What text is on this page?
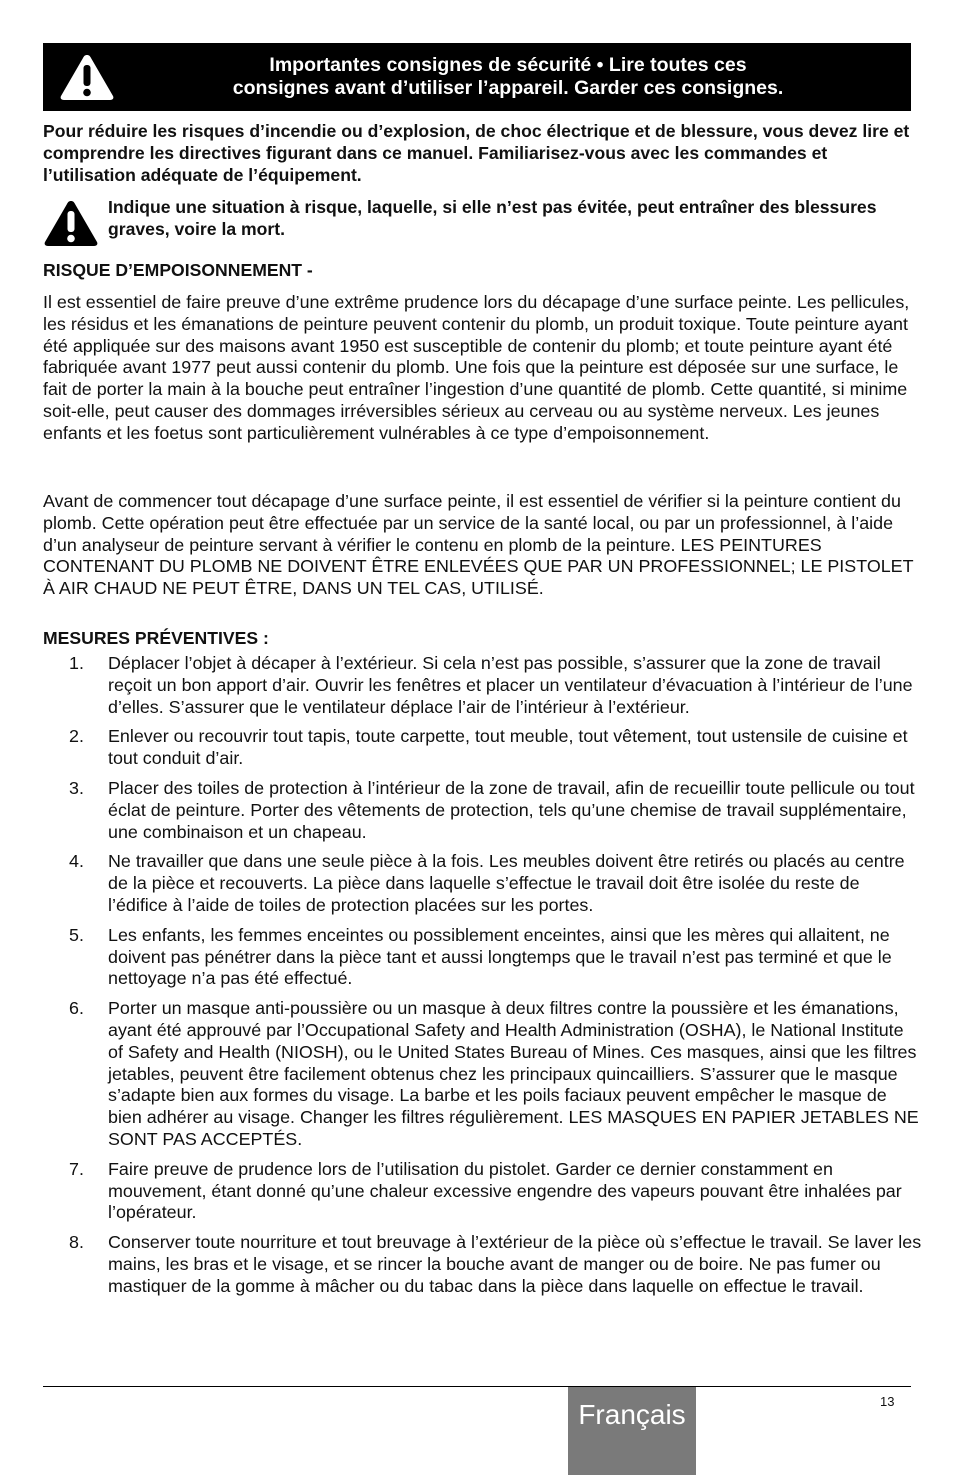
Importantes consignes de sécurité • Lire toutes ces
consignes avant d’utiliser l’appareil. Garder ces consignes.

Pour réduire les risques d’incendie ou d’explosion, de choc électrique et de blessure, vous devez lire et comprendre les directives figurant dans ce manuel. Familiarisez-vous avec les commandes et l’utilisation adéquate de l’équipement.

Indique une situation à risque, laquelle, si elle n’est pas évitée, peut entraîner des blessures graves, voire la mort.

RISQUE D’EMPOISONNEMENT -

Il est essentiel de faire preuve d’une extrême prudence lors du décapage d’une surface peinte. Les pellicules, les résidus et les émanations de peinture peuvent contenir du plomb, un produit toxique. Toute peinture ayant été appliquée sur des maisons avant 1950 est susceptible de contenir du plomb; et toute peinture ayant été fabriquée avant 1977 peut aussi contenir du plomb. Une fois que la peinture est déposée sur une surface, le fait de porter la main à la bouche peut entraîner l’ingestion d’une quantité de plomb. Cette quantité, si minime soit-elle, peut causer des dommages irréversibles sérieux au cerveau ou au système nerveux. Les jeunes enfants et les foetus sont particulièrement vulnérables à ce type d’empoisonnement.

Avant de commencer tout décapage d’une surface peinte, il est essentiel de vérifier si la peinture contient du plomb. Cette opération peut être effectuée par un service de la santé local, ou par un professionnel, à l’aide d’un analyseur de peinture servant à vérifier le contenu en plomb de la peinture. LES PEINTURES CONTENANT DU PLOMB NE DOIVENT ÊTRE ENLEVÉES QUE PAR UN PROFESSIONNEL; LE PISTOLET À AIR CHAUD NE PEUT ÊTRE, DANS UN TEL CAS, UTILISÉ.

MESURES PRÉVENTIVES :

1. Déplacer l’objet à décaper à l’extérieur. Si cela n’est pas possible, s’assurer que la zone de travail reçoit un bon apport d’air. Ouvrir les fenêtres et placer un ventilateur d’évacuation à l’intérieur de l’une d’elles. S’assurer que le ventilateur déplace l’air de l’intérieur à l’extérieur.
2. Enlever ou recouvrir tout tapis, toute carpette, tout meuble, tout vêtement, tout ustensile de cuisine et tout conduit d’air.
3. Placer des toiles de protection à l’intérieur de la zone de travail, afin de recueillir toute pellicule ou tout éclat de peinture. Porter des vêtements de protection, tels qu’une chemise de travail supplémentaire, une combinaison et un chapeau.
4. Ne travailler que dans une seule pièce à la fois. Les meubles doivent être retirés ou placés au centre de la pièce et recouverts. La pièce dans laquelle s’effectue le travail doit être isolée du reste de l’édifice à l’aide de toiles de protection placées sur les portes.
5. Les enfants, les femmes enceintes ou possiblement enceintes, ainsi que les mères qui allaitent, ne doivent pas pénétrer dans la pièce tant et aussi longtemps que le travail n’est pas terminé et que le nettoyage n’a pas été effectué.
6. Porter un masque anti-poussière ou un masque à deux filtres contre la poussière et les émanations, ayant été approuvé par l’Occupational Safety and Health Administration (OSHA), le National Institute of Safety and Health (NIOSH), ou le United States Bureau of Mines. Ces masques, ainsi que les filtres jetables, peuvent être facilement obtenus chez les principaux quincailliers. S’assurer que le masque s’adapte bien aux formes du visage. La barbe et les poils faciaux peuvent empêcher le masque de bien adhérer au visage. Changer les filtres régulièrement. LES MASQUES EN PAPIER JETABLES NE SONT PAS ACCEPTÉS.
7. Faire preuve de prudence lors de l’utilisation du pistolet. Garder ce dernier constamment en mouvement, étant donné qu’une chaleur excessive engendre des vapeurs pouvant être inhalées par l’opérateur.
8. Conserver toute nourriture et tout breuvage à l’extérieur de la pièce où s’effectue le travail. Se laver les mains, les bras et le visage, et se rincer la bouche avant de manger ou de boire. Ne pas fumer ou mastiquer de la gomme à mâcher ou du tabac dans la pièce dans laquelle on effectue le travail.
Français	13
